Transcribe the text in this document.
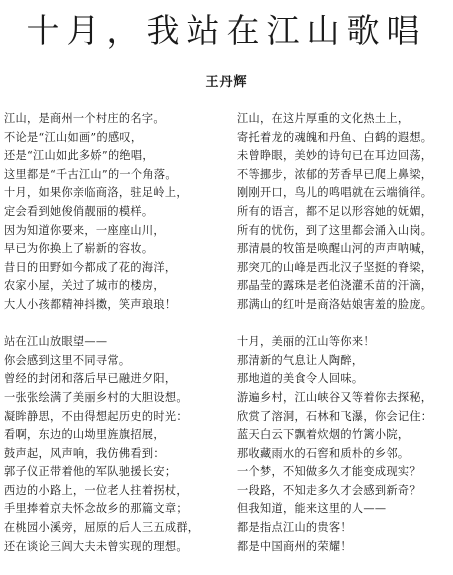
十月，我站在江山歌唱
王丹辉
江山，是商州一个村庄的名字。
不论是“江山如画”的感叹，
还是“江山如此多娇”的绝唱，
这里都是“千古江山”的一个角落。
十月，如果你亲临商洛，驻足岭上，
定会看到她俊俏靓丽的模样。
因为知道你要来，一座座山川，
早已为你换上了崭新的容妆。
昔日的田野如今都成了花的海洋，
农家小屋，关过了城市的楼房，
大人小孩都精神抖擞，笑声琅琅！
站在江山放眼望——
你会感到这里不同寻常。
曾经的封闭和落后早已融进夕阳，
一张张绘满了美丽乡村的大胆设想。
凝眸静思，不由得想起历史的时光：
看啊，东边的山坳里旌旗招展，
鼓声起，风声响，我仿佛看到：
郭子仪正带着他的军队驰援长安；
西边的小路上，一位老人拄着拐杖，
手里捧着京夫怀念故乡的那篇文章；
在桃园小溪旁，屈原的后人三五成群，
还在谈论三闾大夫未曾实现的理想。
江山，在这片厚重的文化热土上，
寄托着龙的魂魄和丹鱼、白鹤的遐想。
未曾睁眼，美妙的诗句已在耳边回荡，
不等挪步，浓郁的芳香早已爬上鼻梁，
刚刚开口，鸟儿的鸣唱就在云端徜徉。
所有的语言，都不足以形容她的妩媚，
所有的忧伤，到了这里都会涌入山岗。
那清晨的牧笛是唤醒山河的声声呐喊，
那突兀的山峰是西北汉子坚挺的脊梁，
那晶莹的露珠是老伯浇灌禾苗的汗滴，
那满山的红叶是商洛姑娘害羞的脸庞。
十月，美丽的江山等你来！
那清新的气息让人陶醉，
那地道的美食令人回味。
游遍乡村，江山峡谷又等着你去探秘，
欣赏了溶洞，石林和飞瀑，你会记住：
蓝天白云下飘着炊烟的竹篱小院，
那收藏雨水的石窖和质朴的乡邻。
一个梦，不知做多久才能变成现实？
一段路，不知走多久才会感到新奇？
但我知道，能来这里的人——
都是指点江山的贵客！
都是中国商州的荣耀！
